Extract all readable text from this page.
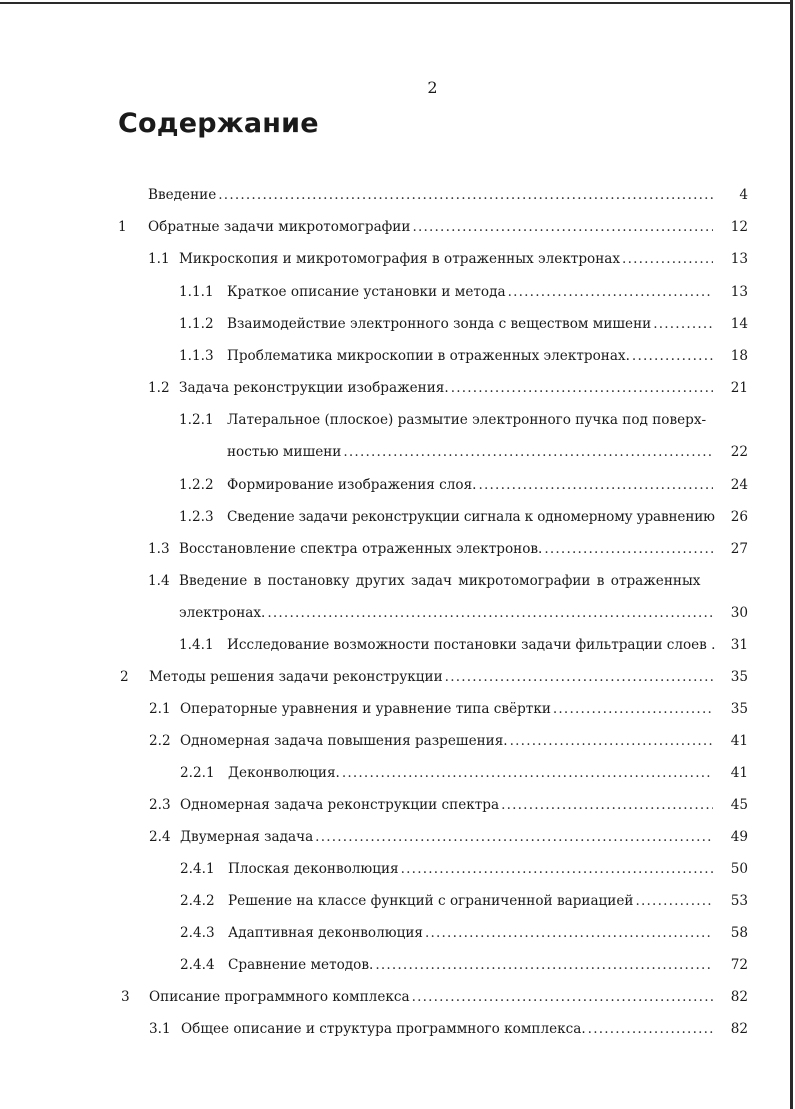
2
Содержание
Введение .....	4
1 Обратные задачи микротомографии .....	12
1.1 Микроскопия и микротомография в отраженных электронах .....	13
1.1.1 Краткое описание установки и метода .....	13
1.1.2 Взаимодействие электронного зонда с веществом мишени .....	14
1.1.3 Проблематика микроскопии в отраженных электронах. .....	18
1.2 Задача реконструкции изображения. .....	21
1.2.1 Латеральное (плоское) размытие электронного пучка под поверх-
ностью мишени .....	22
1.2.2 Формирование изображения слоя. .....	24
1.2.3 Сведение задачи реконструкции сигнала к одномерному уравнению	26
1.3 Восстановление спектра отраженных электронов. .....	27
1.4 Введение в постановку других задач микротомографии в отраженных
электронах. .....	30
1.4.1 Исследование возможности постановки задачи фильтрации слоев .	31
2 Методы решения задачи реконструкции .....	35
2.1 Операторные уравнения и уравнение типа свёртки .....	35
2.2 Одномерная задача повышения разрешения. .....	41
2.2.1 Деконволюция. .....	41
2.3 Одномерная задача реконструкции спектра .....	45
2.4 Двумерная задача .....	49
2.4.1 Плоская деконволюция .....	50
2.4.2 Решение на классе функций с ограниченной вариацией .....	53
2.4.3 Адаптивная деконволюция .....	58
2.4.4 Сравнение методов. .....	72
3 Описание программного комплекса .....	82
3.1 Общее описание и структура программного комплекса. .....	82
